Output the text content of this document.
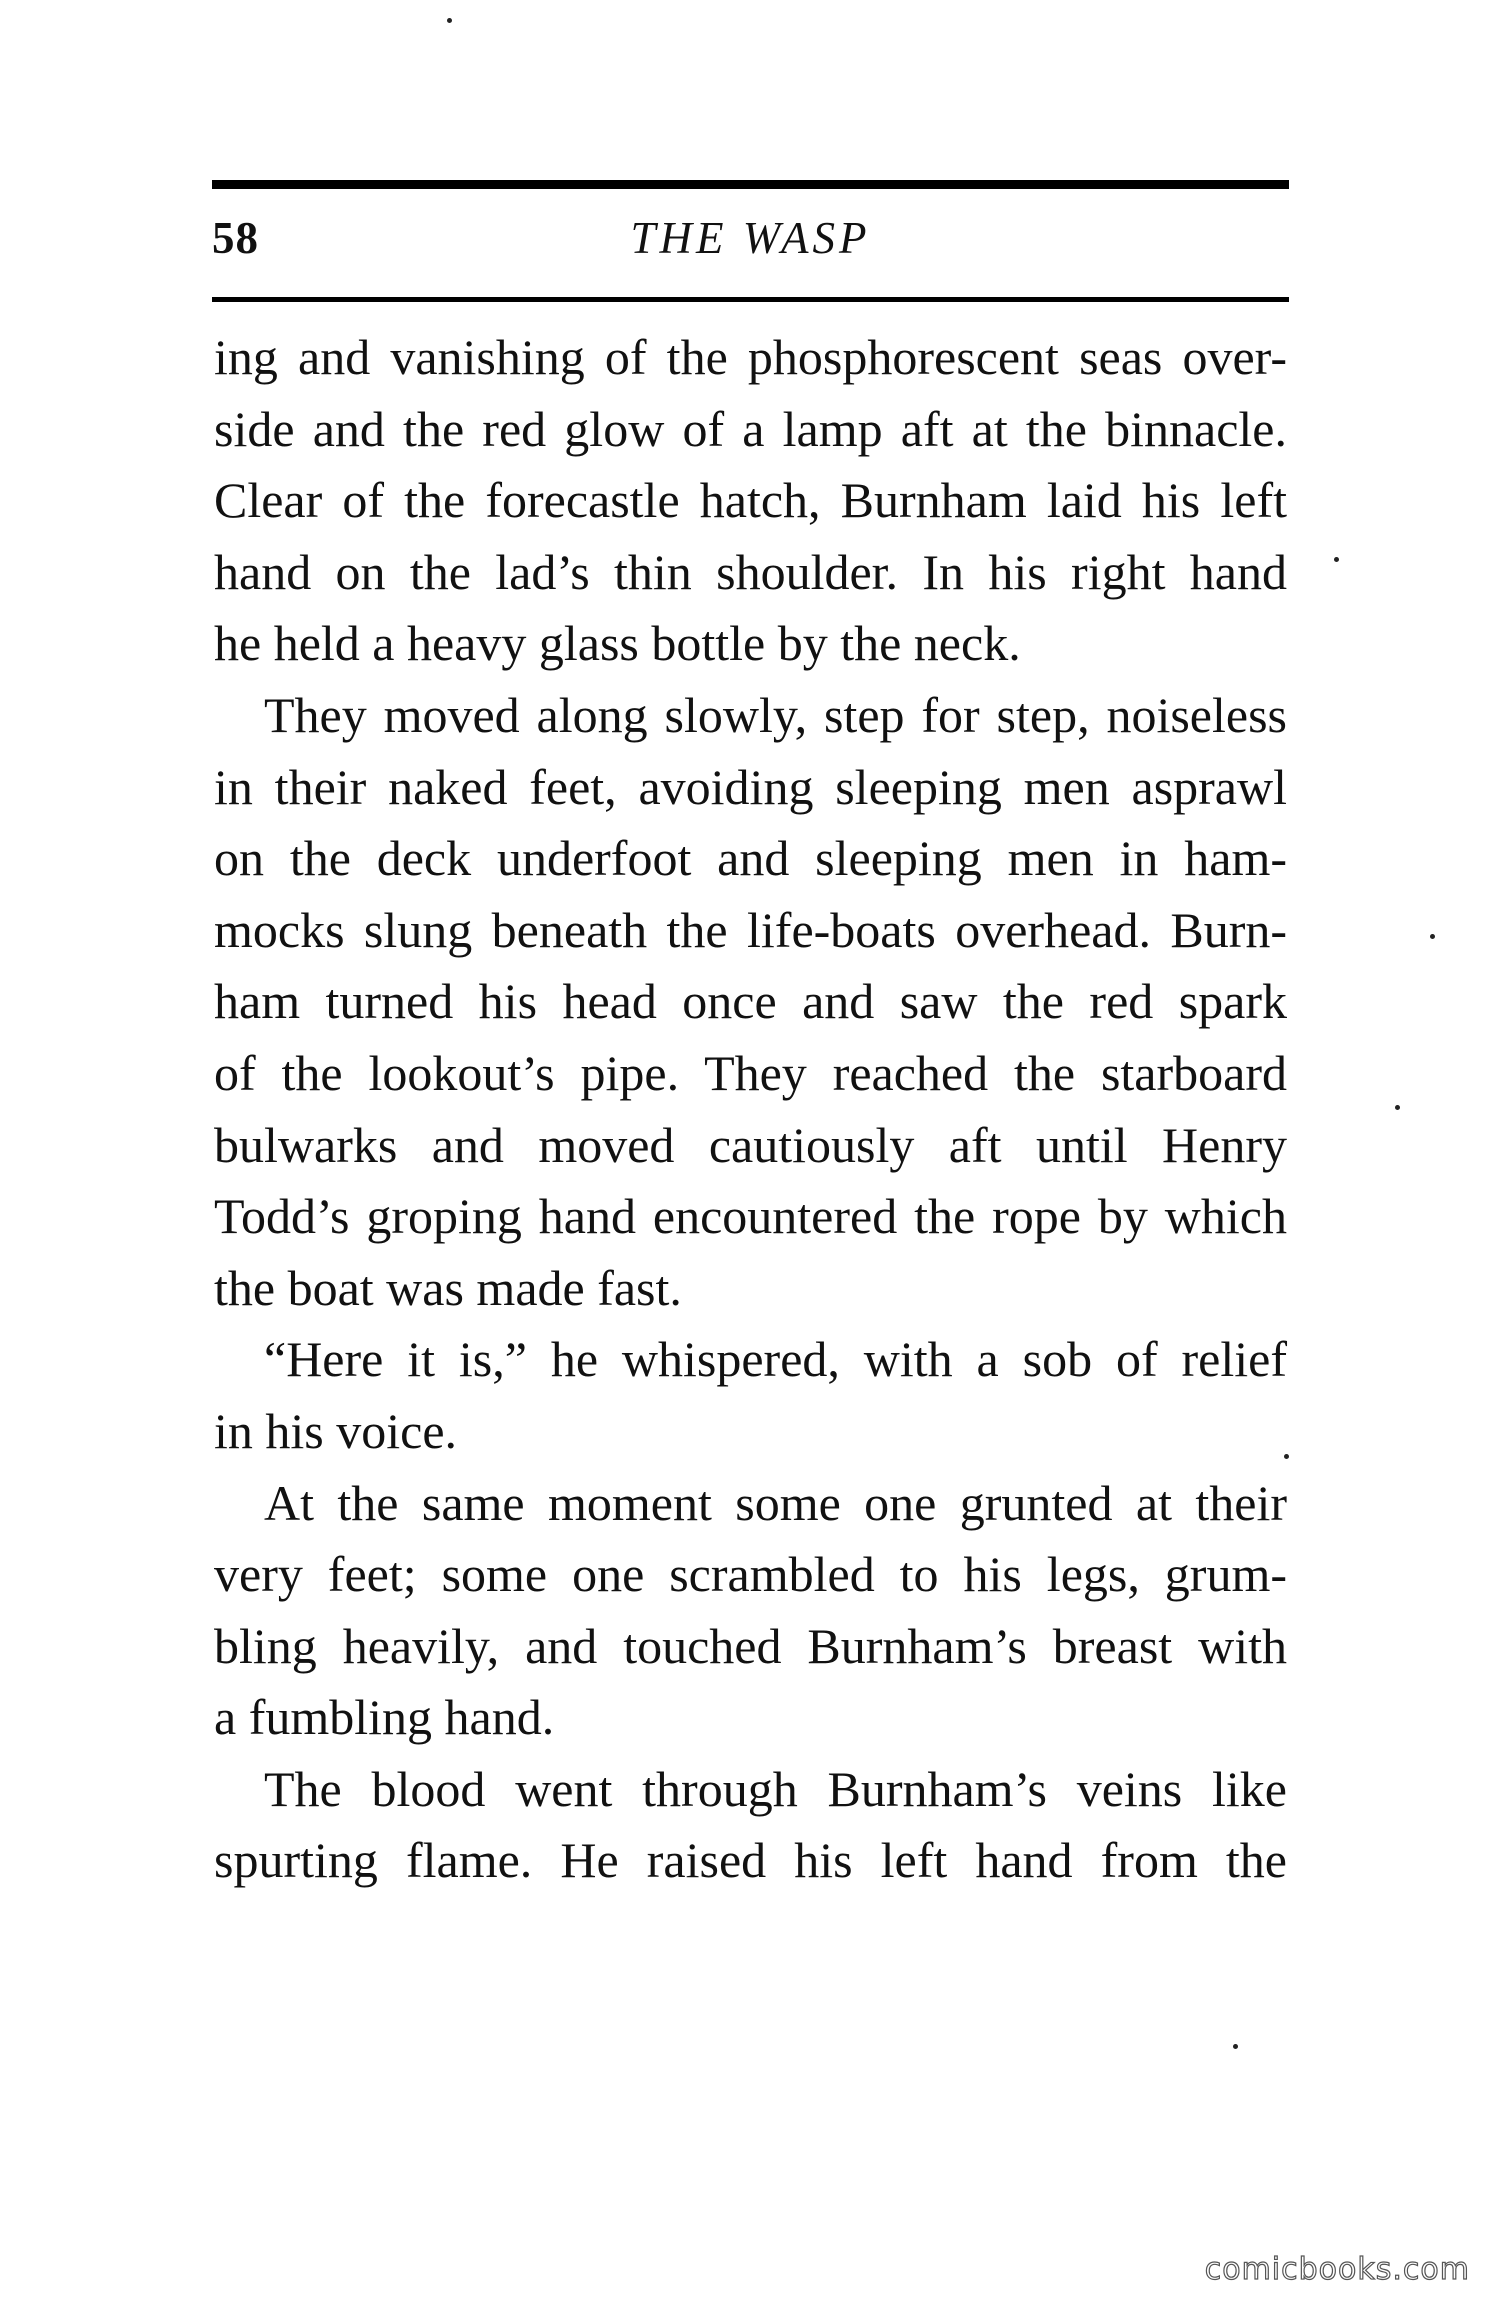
58	THE WASP
ing and vanishing of the phosphorescent seas over-
side and the red glow of a lamp aft at the binnacle.
Clear of the forecastle hatch, Burnham laid his left
hand on the lad’s thin shoulder. In his right hand
he held a heavy glass bottle by the neck.
They moved along slowly, step for step, noiseless
in their naked feet, avoiding sleeping men asprawl
on the deck underfoot and sleeping men in ham-
mocks slung beneath the life-boats overhead. Burn-
ham turned his head once and saw the red spark
of the lookout’s pipe. They reached the starboard
bulwarks and moved cautiously aft until Henry
Todd’s groping hand encountered the rope by which
the boat was made fast.
“Here it is,” he whispered, with a sob of relief
in his voice.
At the same moment some one grunted at their
very feet; some one scrambled to his legs, grum-
bling heavily, and touched Burnham’s breast with
a fumbling hand.
The blood went through Burnham’s veins like
spurting flame. He raised his left hand from the
comicbooks.com
